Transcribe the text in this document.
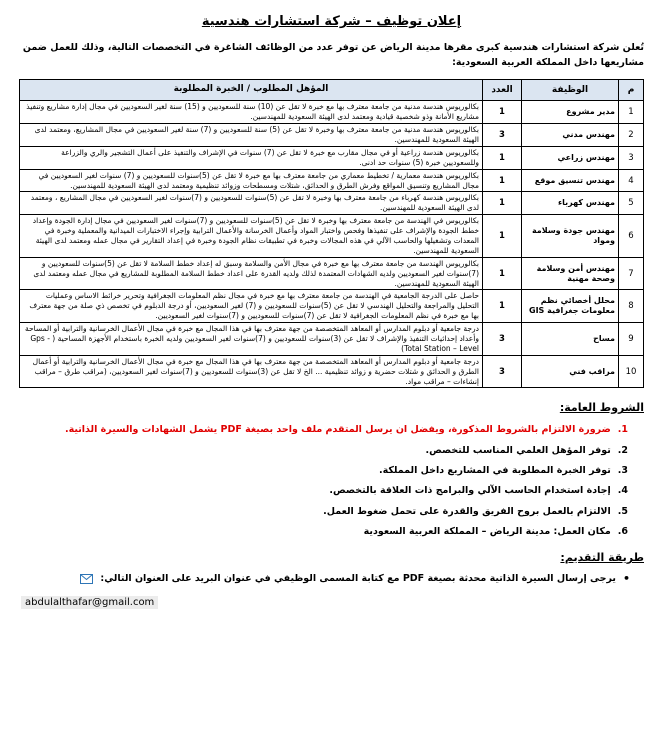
إعلان توظيف – شركة استشارات هندسية

تُعلن شركة استشارات هندسية كبرى مقرها مدينة الرياض عن توفر عدد من الوظائف الشاغرة في التخصصات التالية، وذلك للعمل ضمن مشاريعها داخل المملكة العربية السعودية:

م	الوظيفة	العدد	المؤهل المطلوب / الخبرة المطلوبة
1	مدير مشروع	1	بكالوريوس هندسة مدنية من جامعة معترف بها مع خبرة لا تقل عن (10) سنة للسعوديين و (15) سنة لغير السعوديين في مجال إدارة مشاريع وتنفيذ مشاريع الأمانة وذو شخصية قيادية ومعتمد لدى الهيئة السعودية للمهندسين.
2	مهندس مدني	3	بكالوريوس هندسة مدنية من جامعة معترف بها وخبرة لا تقل عن (5) سنة للسعوديين و (7) سنة لغير السعوديين في مجال المشاريع، ومعتمد لدى الهيئة السعودية للمهندسين.
3	مهندس زراعي	1	بكالوريوس هندسة زراعية أو في مجال مقارب مع خبرة لا تقل عن (7) سنوات في الإشراف والتنفيذ على أعمال التشجير والري والزراعة وللسعوديين خبرة (5) سنوات حد ادنى.
4	مهندس تنسيق موقع	1	بكالوريوس هندسة معمارية / تخطيط معماري من جامعة معترف بها مع خبرة لا تقل عن (5)سنوات للسعوديين و (7) سنوات لغير السعوديين في مجال المشاريع وتنسيق المواقع وفرش الطرق و الحدائق، شتلات ومسطحات وزوائد تنظيمية ومعتمد لدى الهيئة السعودية للمهندسين.
5	مهندس كهرباء	1	بكالوريوس هندسة كهرباء من جامعة معترف بها وخبرة لا تقل عن (5)سنوات للسعوديين و (7)سنوات لغير السعوديين في مجال المشاريع ، ومعتمد لدى الهيئة السعودية للمهندسين.
6	مهندس جودة وسلامة ومواد	1	بكالوريوس في الهندسة من جامعة معترف بها وخبرة لا تقل عن (5)سنوات للسعوديين و (7)سنوات لغير السعوديين في مجال إدارة الجودة وإعداد خطط الجودة والإشراف على تنفيذها وفحص واختبار المواد وأعمال الخرسانة والأعمال الترابية وإجراء الاختبارات الميدانية والمعملية وخبرة في المعدات وتشغيلها والحاسب الآلي في هذه المجالات وخبرة في تطبيقات نظام الجودة وخبرة في إعداد التقارير في مجال عمله ومعتمد لدى الهيئة السعودية للمهندسين.
7	مهندس أمن وسلامة وصحة مهنية	1	بكالوريوس الهندسة من جامعة معترف بها مع خبرة في مجال الأمن والسلامة وسبق له إعداد خطط السلامة لا تقل عن (5)سنوات للسعوديين و (7)سنوات لغير السعوديين ولديه الشهادات المعتمدة لذلك ولديه القدرة على اعداد خطط السلامة المطلوبة للمشاريع في مجال عمله ومعتمد لدى الهيئة السعودية للمهندسين.
8	محلل أخصائي نظم معلومات جغرافية GIS	1	حاصل على الدرجة الجامعية في الهندسة من جامعة معترف بها مع خبرة في مجال نظم المعلومات الجغرافية وتحرير خرائط الاساس وعمليات التحليل والمراجعة والتحليل الهندسي لا تقل عن (5)سنوات للسعوديين و (7) لغير السعوديين، أو درجة الدبلوم في تخصص ذي صلة من جهة معترف بها مع خبرة في نظم المعلومات الجغرافية لا تقل عن (7)سنوات للسعوديين و (7)سنوات لغير السعوديين.
9	مساح	3	درجة جامعية أو دبلوم المدارس أو المعاهد المتخصصة من جهة معترف بها في هذا المجال مع خبرة في مجال الأعمال الخرسانية والترابية أو المساحة وأعداد إحداثيات التنفيذ والإشراف لا تقل عن (3)سنوات للسعوديين و (7)سنوات لغير السعوديين ولديه الخبرة باستخدام الأجهزة المساحية ( Gps -Total Station – Level)
10	مراقب فني	3	درجة جامعية أو دبلوم المدارس أو المعاهد المتخصصة من جهة معترف بها في هذا المجال مع خبرة في مجال الأعمال الخرسانية والترابية أو أعمال الطرق و الحدائق و شتلات حضرية و زوائد تنظيمية ... الخ لا تقل عن (3)سنوات للسعوديين و (7)سنوات لغير السعوديين، (مراقب طرق – مراقب إنشاءات – مراقب مواد.
الشروط العامة:
1.
ضرورة الالتزام بالشروط المذكورة، ويفضل ان يرسل المتقدم ملف واحد بصيغة PDF يشمل الشهادات والسيرة الذاتية.
2.
توفر المؤهل العلمي المناسب للتخصص.
3.
توفر الخبرة المطلوبة في المشاريع داخل المملكة.
4.
إجادة استخدام الحاسب الآلي والبرامج ذات العلاقة بالتخصص.
5.
الالتزام بالعمل بروح الفريق والقدرة على تحمل ضغوط العمل.
6.
مكان العمل: مدينة الرياض – المملكة العربية السعودية
طريقة التقديم:
•
يرجى إرسال السيرة الذاتية محدثة بصيغة PDF مع كتابة المسمى الوظيفي في عنوان البريد على العنوان التالي:
abdulalthafar@gmail.com
